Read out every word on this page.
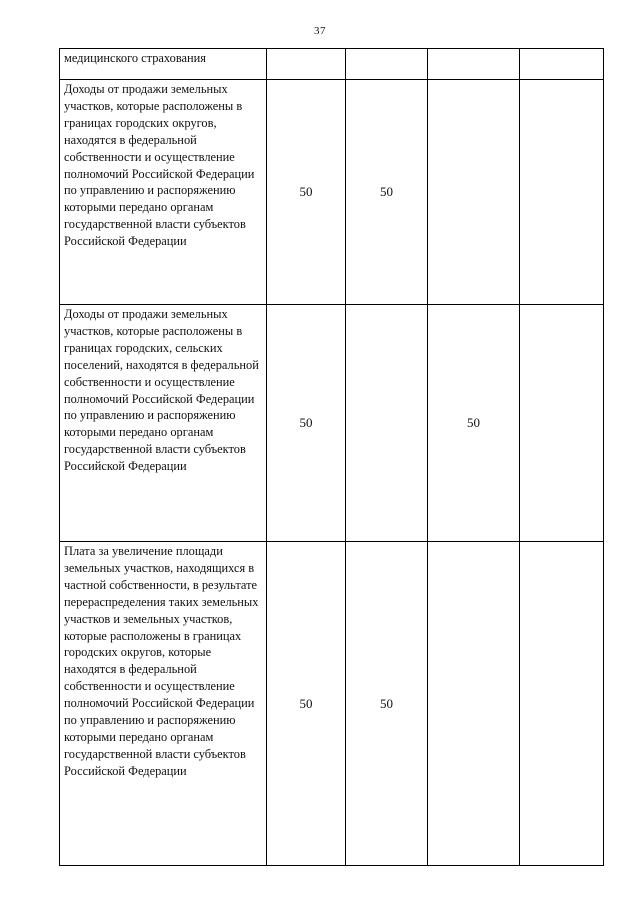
37
медицинского страхования				

Доходы от продажи земельных участков, которые расположены в границах городских округов, находятся в федеральной собственности и осуществление полномочий Российской Федерации по управлению и распоряжению которыми передано органам государственной власти субъектов Российской Федерации	50	50		

Доходы от продажи земельных участков, которые расположены в границах городских, сельских поселений, находятся в федеральной собственности и осуществление полномочий Российской Федерации по управлению и распоряжению которыми передано органам государственной власти субъектов Российской Федерации	50		50	

Плата за увеличение площади земельных участков, находящихся в частной собственности, в результате перераспределения таких земельных участков и земельных участков, которые расположены в границах городских округов, которые находятся в федеральной собственности и осуществление полномочий Российской Федерации по управлению и распоряжению которыми передано органам государственной власти субъектов Российской Федерации	50	50		
